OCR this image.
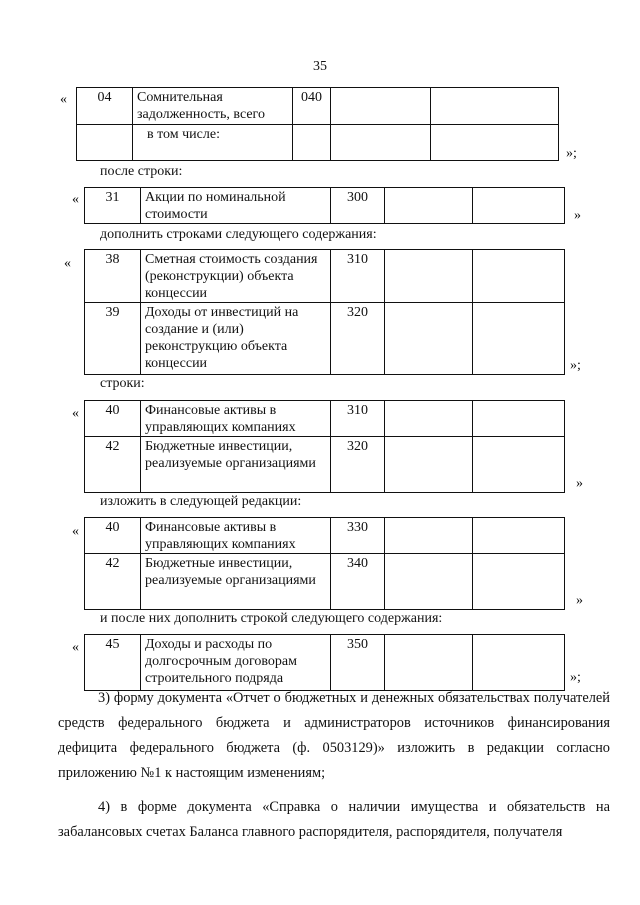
35
« 04	Сомнительная задолженность, всего	040		
	в том числе:			
»;
после строки:
« 31	Акции по номинальной стоимости	300		
»
дополнить строками следующего содержания:
« 38	Сметная стоимость создания (реконструкции) объекта концессии	310		
39	Доходы от инвестиций на создание и (или) реконструкцию объекта концессии	320		
»;
строки:
« 40	Финансовые активы в управляющих компаниях	310		
42	Бюджетные инвестиции, реализуемые организациями	320		
»
изложить в следующей редакции:
« 40	Финансовые активы в управляющих компаниях	330		
42	Бюджетные инвестиции, реализуемые организациями	340		
»
и после них дополнить строкой следующего содержания:
« 45	Доходы и расходы по долгосрочным договорам строительного подряда	350		
»;
3) форму документа «Отчет о бюджетных и денежных обязательствах получателей средств федерального бюджета и администраторов источников финансирования дефицита федерального бюджета (ф. 0503129)» изложить в редакции согласно приложению №1 к настоящим изменениям;
4) в форме документа «Справка о наличии имущества и обязательств на забалансовых счетах Баланса главного распорядителя, распорядителя, получателя
